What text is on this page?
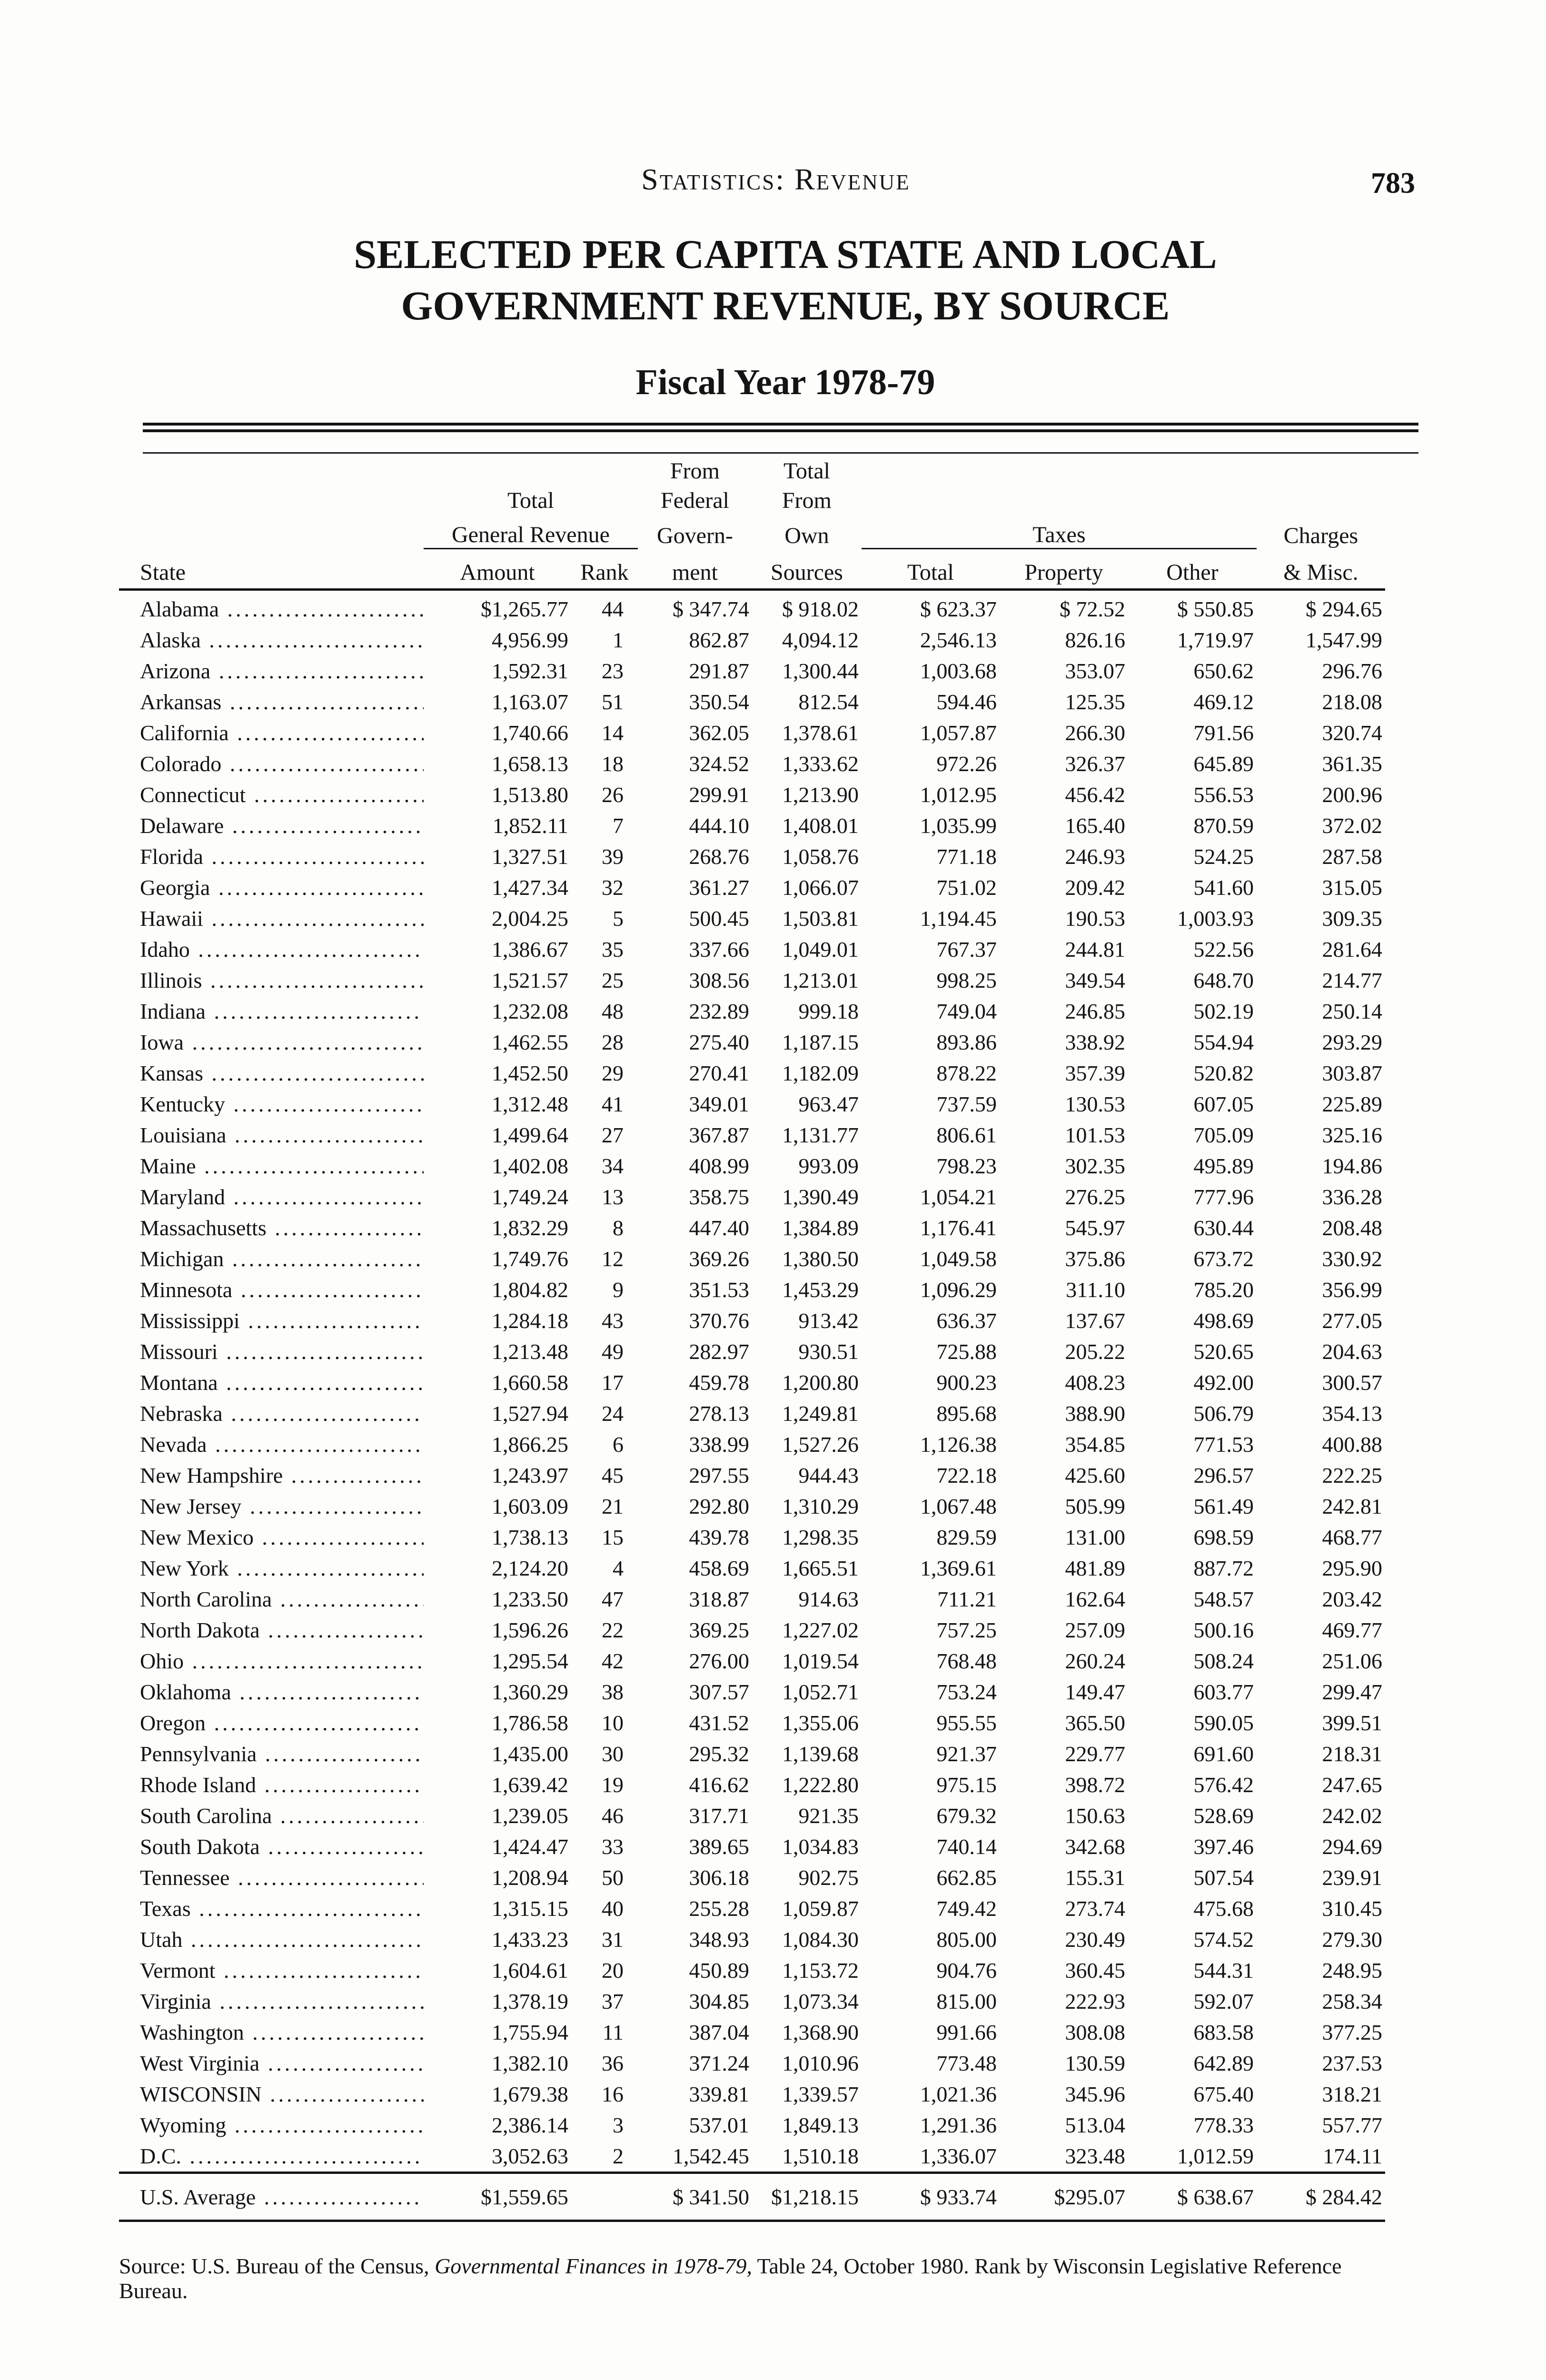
Statistics: Revenue	783
SELECTED PER CAPITA STATE AND LOCAL
GOVERNMENT REVENUE, BY SOURCE
Fiscal Year 1978-79
			From	Total				
	Total		Federal	From				
	General Revenue		Govern-	Own	Taxes			Charges
State	Amount	Rank	ment	Sources	Total	Property	Other	& Misc.
Alabama .....	$1,265.77	44	$ 347.74	$ 918.02	$ 623.37	$ 72.52	$ 550.85	$ 294.65
Alaska .....	4,956.99	1	862.87	4,094.12	2,546.13	826.16	1,719.97	1,547.99
Arizona .....	1,592.31	23	291.87	1,300.44	1,003.68	353.07	650.62	296.76
Arkansas .....	1,163.07	51	350.54	812.54	594.46	125.35	469.12	218.08
California .....	1,740.66	14	362.05	1,378.61	1,057.87	266.30	791.56	320.74
Colorado .....	1,658.13	18	324.52	1,333.62	972.26	326.37	645.89	361.35
Connecticut .....	1,513.80	26	299.91	1,213.90	1,012.95	456.42	556.53	200.96
Delaware .....	1,852.11	7	444.10	1,408.01	1,035.99	165.40	870.59	372.02
Florida .....	1,327.51	39	268.76	1,058.76	771.18	246.93	524.25	287.58
Georgia .....	1,427.34	32	361.27	1,066.07	751.02	209.42	541.60	315.05
Hawaii .....	2,004.25	5	500.45	1,503.81	1,194.45	190.53	1,003.93	309.35
Idaho .....	1,386.67	35	337.66	1,049.01	767.37	244.81	522.56	281.64
Illinois .....	1,521.57	25	308.56	1,213.01	998.25	349.54	648.70	214.77
Indiana .....	1,232.08	48	232.89	999.18	749.04	246.85	502.19	250.14
Iowa .....	1,462.55	28	275.40	1,187.15	893.86	338.92	554.94	293.29
Kansas .....	1,452.50	29	270.41	1,182.09	878.22	357.39	520.82	303.87
Kentucky .....	1,312.48	41	349.01	963.47	737.59	130.53	607.05	225.89
Louisiana .....	1,499.64	27	367.87	1,131.77	806.61	101.53	705.09	325.16
Maine .....	1,402.08	34	408.99	993.09	798.23	302.35	495.89	194.86
Maryland .....	1,749.24	13	358.75	1,390.49	1,054.21	276.25	777.96	336.28
Massachusetts .....	1,832.29	8	447.40	1,384.89	1,176.41	545.97	630.44	208.48
Michigan .....	1,749.76	12	369.26	1,380.50	1,049.58	375.86	673.72	330.92
Minnesota .....	1,804.82	9	351.53	1,453.29	1,096.29	311.10	785.20	356.99
Mississippi .....	1,284.18	43	370.76	913.42	636.37	137.67	498.69	277.05
Missouri .....	1,213.48	49	282.97	930.51	725.88	205.22	520.65	204.63
Montana .....	1,660.58	17	459.78	1,200.80	900.23	408.23	492.00	300.57
Nebraska .....	1,527.94	24	278.13	1,249.81	895.68	388.90	506.79	354.13
Nevada .....	1,866.25	6	338.99	1,527.26	1,126.38	354.85	771.53	400.88
New Hampshire .....	1,243.97	45	297.55	944.43	722.18	425.60	296.57	222.25
New Jersey .....	1,603.09	21	292.80	1,310.29	1,067.48	505.99	561.49	242.81
New Mexico .....	1,738.13	15	439.78	1,298.35	829.59	131.00	698.59	468.77
New York .....	2,124.20	4	458.69	1,665.51	1,369.61	481.89	887.72	295.90
North Carolina .....	1,233.50	47	318.87	914.63	711.21	162.64	548.57	203.42
North Dakota .....	1,596.26	22	369.25	1,227.02	757.25	257.09	500.16	469.77
Ohio .....	1,295.54	42	276.00	1,019.54	768.48	260.24	508.24	251.06
Oklahoma .....	1,360.29	38	307.57	1,052.71	753.24	149.47	603.77	299.47
Oregon .....	1,786.58	10	431.52	1,355.06	955.55	365.50	590.05	399.51
Pennsylvania .....	1,435.00	30	295.32	1,139.68	921.37	229.77	691.60	218.31
Rhode Island .....	1,639.42	19	416.62	1,222.80	975.15	398.72	576.42	247.65
South Carolina .....	1,239.05	46	317.71	921.35	679.32	150.63	528.69	242.02
South Dakota .....	1,424.47	33	389.65	1,034.83	740.14	342.68	397.46	294.69
Tennessee .....	1,208.94	50	306.18	902.75	662.85	155.31	507.54	239.91
Texas .....	1,315.15	40	255.28	1,059.87	749.42	273.74	475.68	310.45
Utah .....	1,433.23	31	348.93	1,084.30	805.00	230.49	574.52	279.30
Vermont .....	1,604.61	20	450.89	1,153.72	904.76	360.45	544.31	248.95
Virginia .....	1,378.19	37	304.85	1,073.34	815.00	222.93	592.07	258.34
Washington .....	1,755.94	11	387.04	1,368.90	991.66	308.08	683.58	377.25
West Virginia .....	1,382.10	36	371.24	1,010.96	773.48	130.59	642.89	237.53
WISCONSIN .....	1,679.38	16	339.81	1,339.57	1,021.36	345.96	675.40	318.21
Wyoming .....	2,386.14	3	537.01	1,849.13	1,291.36	513.04	778.33	557.77
D.C. .....	3,052.63	2	1,542.45	1,510.18	1,336.07	323.48	1,012.59	174.11
U.S. Average .....	$1,559.65		$ 341.50	$1,218.15	$ 933.74	$295.07	$ 638.67	$ 284.42
Source: U.S. Bureau of the Census, Governmental Finances in 1978-79, Table 24, October 1980. Rank by Wisconsin Legislative Reference Bureau.
